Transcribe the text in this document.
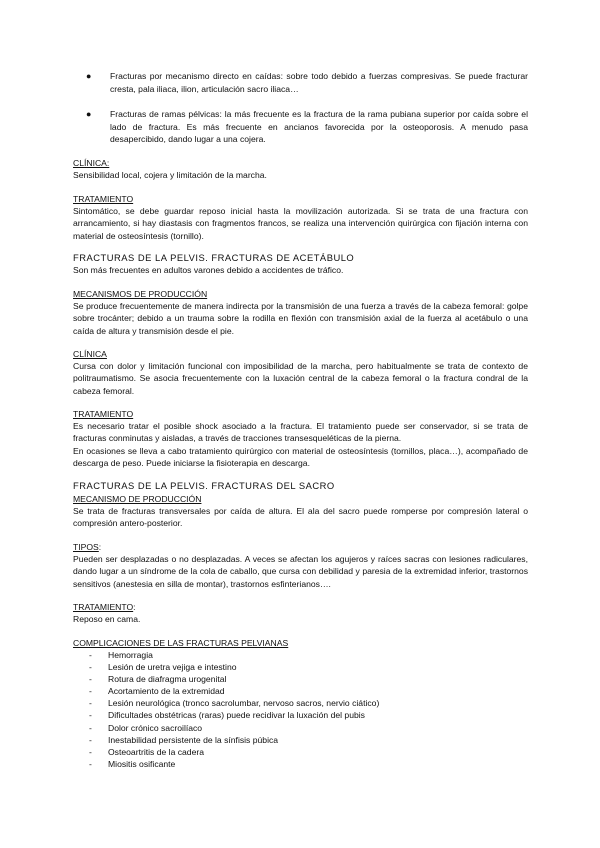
● Fracturas por mecanismo directo en caídas: sobre todo debido a fuerzas compresivas. Se puede fracturar cresta, pala iliaca, ilion, articulación sacro iliaca…
● Fracturas de ramas pélvicas: la más frecuente es la fractura de la rama pubiana superior por caída sobre el lado de fractura. Es más frecuente en ancianos favorecida por la osteoporosis. A menudo pasa desapercibido, dando lugar a una cojera.
CLÍNICA:
Sensibilidad local, cojera y limitación de la marcha.
TRATAMIENTO
Sintomático, se debe guardar reposo inicial hasta la movilización autorizada. Si se trata de una fractura con arrancamiento, si hay diastasis con fragmentos francos, se realiza una intervención quirúrgica con fijación interna con material de osteosíntesis (tornillo).
FRACTURAS DE LA PELVIS. FRACTURAS DE ACETÁBULO
Son más frecuentes en adultos varones debido a accidentes de tráfico.
MECANISMOS DE PRODUCCIÓN
Se produce frecuentemente de manera indirecta por la transmisión de una fuerza a través de la cabeza femoral: golpe sobre trocánter; debido a un trauma sobre la rodilla en flexión con transmisión axial de la fuerza al acetábulo o una caída de altura y transmisión desde el pie.
CLÍNICA
Cursa con dolor y limitación funcional con imposibilidad de la marcha, pero habitualmente se trata de contexto de politraumatismo. Se asocia frecuentemente con la luxación central de la cabeza femoral o la fractura condral de la cabeza femoral.
TRATAMIENTO
Es necesario tratar el posible shock asociado a la fractura. El tratamiento puede ser conservador, si se trata de fracturas conminutas y aisladas, a través de tracciones transesqueléticas de la pierna.
En ocasiones se lleva a cabo tratamiento quirúrgico con material de osteosíntesis (tornillos, placa…), acompañado de descarga de peso. Puede iniciarse la fisioterapia en descarga.
FRACTURAS DE LA PELVIS. FRACTURAS DEL SACRO
MECANISMO DE PRODUCCIÓN
Se trata de fracturas transversales por caída de altura. El ala del sacro puede romperse por compresión lateral o compresión antero-posterior.
TIPOS:
Pueden ser desplazadas o no desplazadas. A veces se afectan los agujeros y raíces sacras con lesiones radiculares, dando lugar a un síndrome de la cola de caballo, que cursa con debilidad y paresia de la extremidad inferior, trastornos sensitivos (anestesia en silla de montar), trastornos esfinterianos….
TRATAMIENTO:
Reposo en cama.
COMPLICACIONES DE LAS FRACTURAS PELVIANAS
- Hemorragia
- Lesión de uretra vejiga e intestino
- Rotura de diafragma urogenital
- Acortamiento de la extremidad
- Lesión neurológica (tronco sacrolumbar, nervoso sacros, nervio ciático)
- Dificultades obstétricas (raras) puede recidivar la luxación del pubis
- Dolor crónico sacroilíaco
- Inestabilidad persistente de la sínfisis púbica
- Osteoartritis de la cadera
- Miositis osificante
